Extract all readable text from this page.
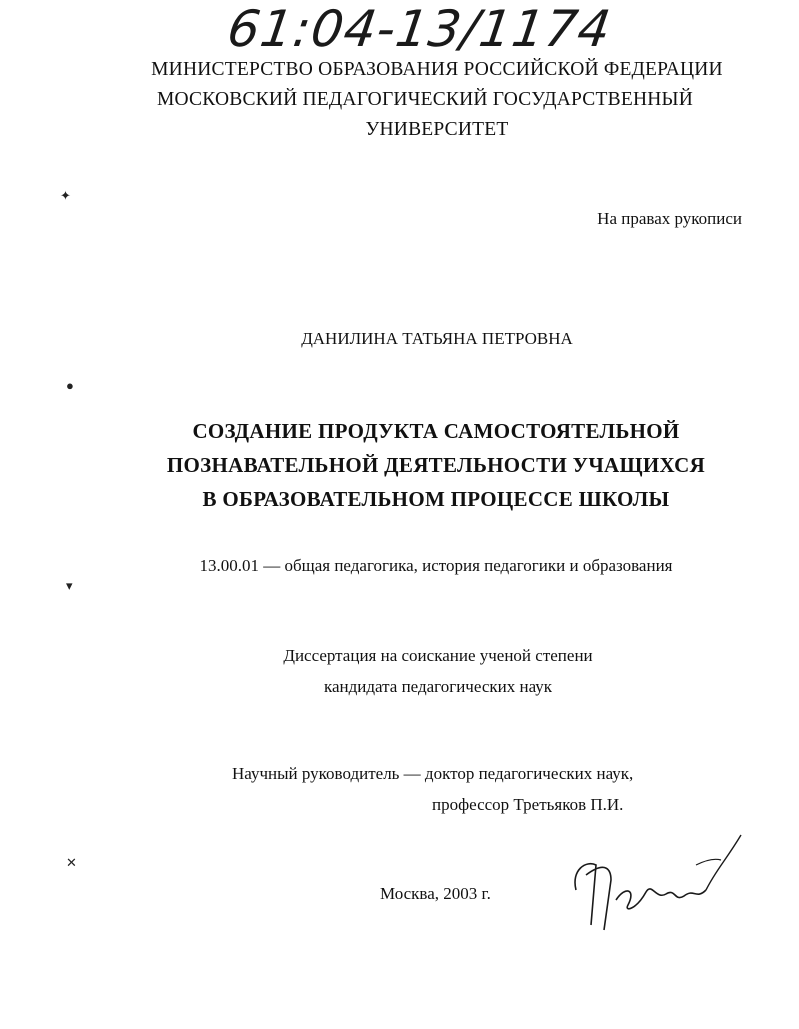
61:04-13/1174
МИНИСТЕРСТВО ОБРАЗОВАНИЯ РОССИЙСКОЙ ФЕДЕРАЦИИ
МОСКОВСКИЙ ПЕДАГОГИЧЕСКИЙ ГОСУДАРСТВЕННЫЙ
УНИВЕРСИТЕТ
На правах рукописи
ДАНИЛИНА ТАТЬЯНА ПЕТРОВНА
СОЗДАНИЕ ПРОДУКТА САМОСТОЯТЕЛЬНОЙ
ПОЗНАВАТЕЛЬНОЙ ДЕЯТЕЛЬНОСТИ УЧАЩИХСЯ
В ОБРАЗОВАТЕЛЬНОМ ПРОЦЕССЕ ШКОЛЫ
13.00.01 — общая педагогика, история педагогики и образования
Диссертация на соискание ученой степени
кандидата педагогических наук
Научный руководитель — доктор педагогических наук,
профессор Третьяков П.И.
Москва, 2003 г.
✦
●
▾
✕
